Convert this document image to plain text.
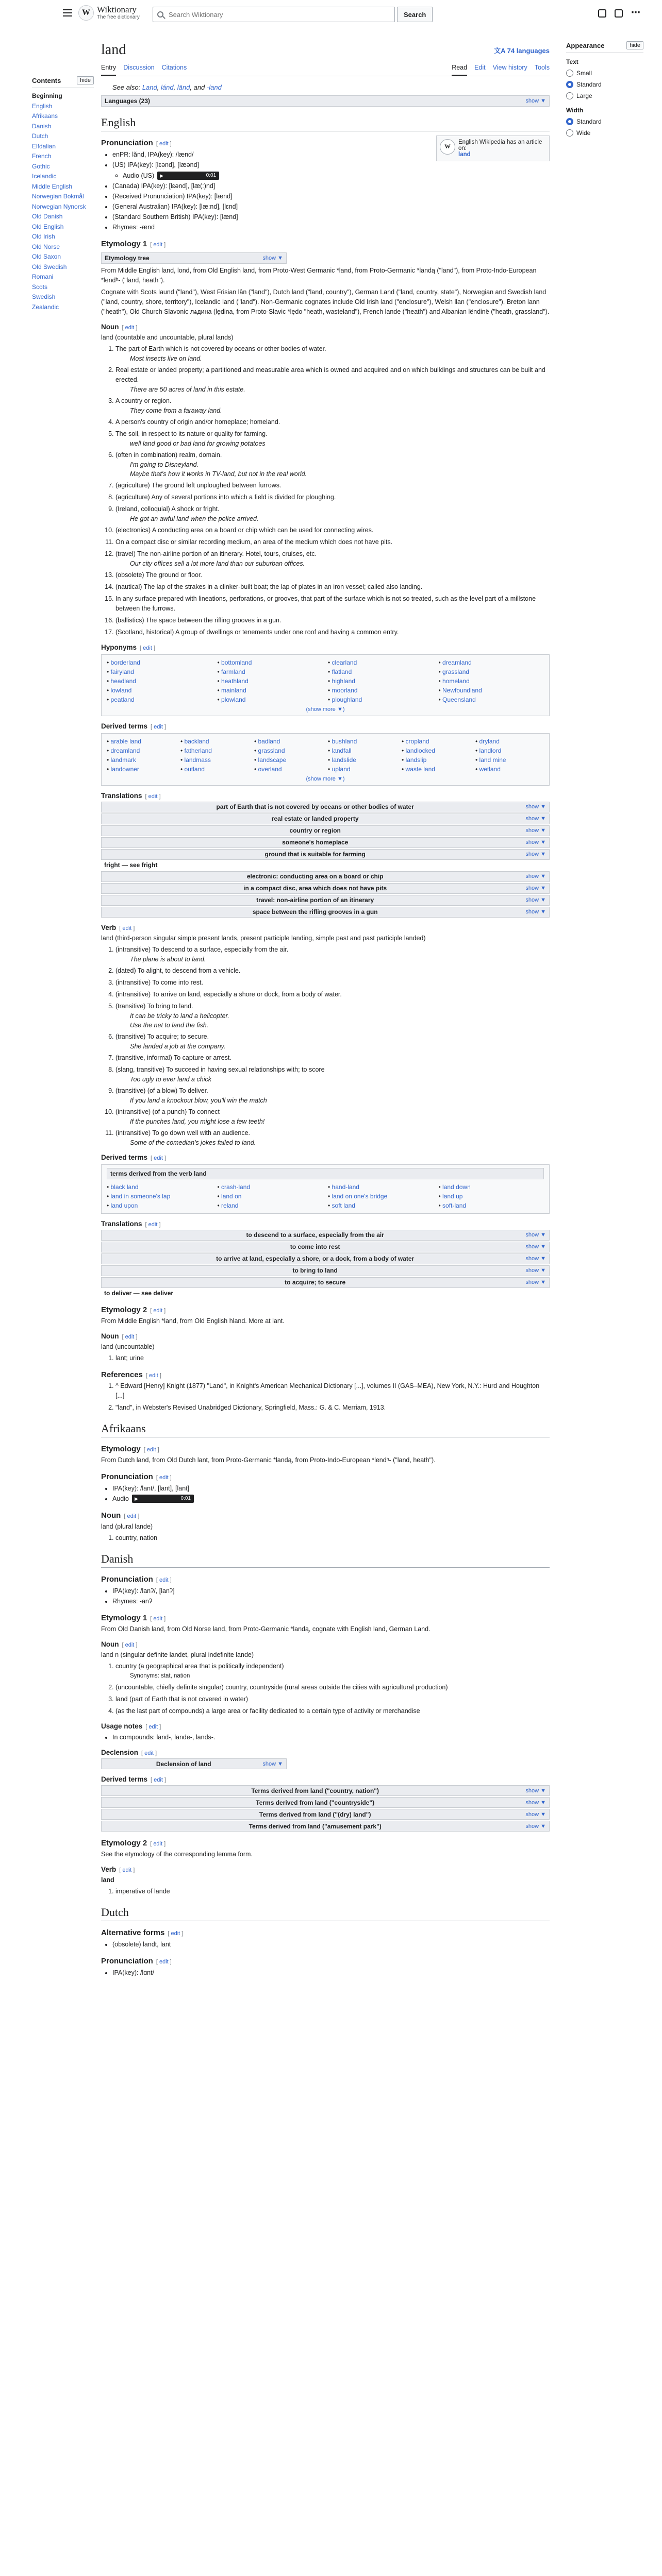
W Wiktionary
The free dictionary
Search Wiktionary	Search	⋯
Contents	hide
Beginning
English
Afrikaans
Danish
Dutch
Elfdalian
French
Gothic
Icelandic
Middle English
Norwegian Bokmål
Norwegian Nynorsk
Old Danish
Old English
Old Irish
Old Norse
Old Saxon
Old Swedish
Romani
Scots
Swedish
Zealandic
Appearance	hide
Text
Small
Standard
Large
Width
Standard
Wide
land	文A 74 languages
Entry Discussion Citations	Read Edit View history Tools
See also: Land, lánd, länd, and -land
Languages (23)	show ▼
English
W
English Wikipedia has an article on:
land
Pronunciation [ edit ]
• enPR: lănd, IPA(key): /lænd/
• (US) IPA(key): [lɛənd], [læənd]
◦ Audio (US)	▶ 0:01
• (Canada) IPA(key): [lɛənd], [læ(ː)nd]
• (Received Pronunciation) IPA(key): [lænd]
• (General Australian) IPA(key): [læːnd], [lɛnd]
• (Standard Southern British) IPA(key): [lænd]
• Rhymes: -ænd
Etymology 1 [ edit ]
Etymology tree	show ▼

From Middle English land, lond, from Old English land, from Proto-West Germanic *land, from Proto-Germanic *landą ("land"), from Proto-Indo-European *lendʰ- ("land, heath").

Cognate with Scots laund ("land"), West Frisian lân ("land"), Dutch land ("land, country"), German Land ("land, country, state"), Norwegian and Swedish land ("land, country, shore, territory"), Icelandic land ("land"). Non-Germanic cognates include Old Irish land ("enclosure"), Welsh llan ("enclosure"), Breton lann ("heath"), Old Church Slavonic лѧдина (lędina, from Proto-Slavic *lędo "heath, wasteland"), French lande ("heath") and Albanian lëndinë ("heath, grassland").

Noun [ edit ]

land (countable and uncountable, plural lands)

1. The part of Earth which is not covered by oceans or other bodies of water.
Most insects live on land.
2. Real estate or landed property; a partitioned and measurable area which is owned and acquired and on which buildings and structures can be built and erected.
There are 50 acres of land in this estate.
3. A country or region.
They come from a faraway land.
4. A person's country of origin and/or homeplace; homeland.
5. The soil, in respect to its nature or quality for farming.
well land good or bad land for growing potatoes
6. (often in combination) realm, domain.
I'm going to Disneyland.
Maybe that's how it works in TV-land, but not in the real world.
7. (agriculture) The ground left unploughed between furrows.
8. (agriculture) Any of several portions into which a field is divided for ploughing.
9. (Ireland, colloquial) A shock or fright.
He got an awful land when the police arrived.
10. (electronics) A conducting area on a board or chip which can be used for connecting wires.
11. On a compact disc or similar recording medium, an area of the medium which does not have pits.
12. (travel) The non-airline portion of an itinerary. Hotel, tours, cruises, etc.
Our city offices sell a lot more land than our suburban offices.
13. (obsolete) The ground or floor.
14. (nautical) The lap of the strakes in a clinker-built boat; the lap of plates in an iron vessel; called also landing.
15. In any surface prepared with lineations, perforations, or grooves, that part of the surface which is not so treated, such as the level part of a millstone between the furrows.
16. (ballistics) The space between the rifling grooves in a gun.
17. (Scotland, historical) A group of dwellings or tenements under one roof and having a common entry.
Hyponyms [ edit ]
• borderland	• bottomland	• clearland	• dreamland
• fairyland	• farmland	• flatland	• grassland
• headland	• heathland	• highland	• homeland
• lowland	• mainland	• moorland	• Newfoundland
• peatland	• plowland	• ploughland	• Queensland
(show more ▼)
Derived terms [ edit ]
• arable land	• backland	• badland	• bushland	• cropland	• dryland
• dreamland	• fatherland	• grassland	• landfall	• landlocked	• landlord
• landmark	• landmass	• landscape	• landslide	• landslip	• land mine
• landowner	• outland	• overland	• upland	• waste land	• wetland
(show more ▼)
Translations [ edit ]
part of Earth that is not covered by oceans or other bodies of water	show ▼
real estate or landed property	show ▼
country or region	show ▼
someone's homeplace	show ▼
ground that is suitable for farming	show ▼
fright — see fright
electronic: conducting area on a board or chip	show ▼
in a compact disc, area which does not have pits	show ▼
travel: non-airline portion of an itinerary	show ▼
space between the rifling grooves in a gun	show ▼
Verb [ edit ]

land (third-person singular simple present lands, present participle landing, simple past and past participle landed)

1. (intransitive) To descend to a surface, especially from the air.
The plane is about to land.
2. (dated) To alight, to descend from a vehicle.
3. (intransitive) To come into rest.
4. (intransitive) To arrive on land, especially a shore or dock, from a body of water.
5. (transitive) To bring to land.
It can be tricky to land a helicopter.
Use the net to land the fish.
6. (transitive) To acquire; to secure.
She landed a job at the company.
7. (transitive, informal) To capture or arrest.
8. (slang, transitive) To succeed in having sexual relationships with; to score
Too ugly to ever land a chick
9. (transitive) (of a blow) To deliver.
If you land a knockout blow, you'll win the match
10. (intransitive) (of a punch) To connect
If the punches land, you might lose a few teeth!
11. (intransitive) To go down well with an audience.
Some of the comedian's jokes failed to land.
Derived terms [ edit ]
terms derived from the verb land
• black land	• crash-land	• hand-land	• land down
• land in someone's lap	• land on	• land on one's bridge	• land up
• land upon	• reland	• soft land	• soft-land
Translations [ edit ]
to descend to a surface, especially from the air	show ▼
to come into rest	show ▼
to arrive at land, especially a shore, or a dock, from a body of water	show ▼
to bring to land	show ▼
to acquire; to secure	show ▼
to deliver — see deliver
Etymology 2 [ edit ]

From Middle English *land, from Old English hland. More at lant.

Noun [ edit ]

land (uncountable)

1. lant; urine
References [ edit ]
1. ^ Edward [Henry] Knight (1877) "Land", in Knight's American Mechanical Dictionary [...], volumes II (GAS–MEA), New York, N.Y.: Hurd and Houghton [...]
2. "land", in Webster's Revised Unabridged Dictionary, Springfield, Mass.: G. & C. Merriam, 1913.
Afrikaans
Etymology [ edit ]

From Dutch land, from Old Dutch lant, from Proto-Germanic *landą, from Proto-Indo-European *lendʰ- ("land, heath").

Pronunciation [ edit ]
• IPA(key): /lant/, [lant], [lant]
• Audio	▶ 0:01
Noun [ edit ]

land (plural lande)

1. country, nation
Danish
Pronunciation [ edit ]
• IPA(key): /lanʔ/, [lanʔ]
• Rhymes: -anʔ
Etymology 1 [ edit ]

From Old Danish land, from Old Norse land, from Proto-Germanic *landą, cognate with English land, German Land.

Noun [ edit ]

land n (singular definite landet, plural indefinite lande)

1. country (a geographical area that is politically independent)
Synonyms: stat, nation
2. (uncountable, chiefly definite singular) country, countryside (rural areas outside the cities with agricultural production)
3. land (part of Earth that is not covered in water)
4. (as the last part of compounds) a large area or facility dedicated to a certain type of activity or merchandise
Usage notes [ edit ]
• In compounds: land-, lande-, lands-.
Declension [ edit ]
Declension of land	show ▼
Derived terms [ edit ]
Terms derived from land ("country, nation")	show ▼
Terms derived from land ("countryside")	show ▼
Terms derived from land ("(dry) land")	show ▼
Terms derived from land ("amusement park")	show ▼
Etymology 2 [ edit ]

See the etymology of the corresponding lemma form.

Verb [ edit ]

land

1. imperative of lande
Dutch
Alternative forms [ edit ]
• (obsolete) landt, lant
Pronunciation [ edit ]
• IPA(key): /lɑnt/
